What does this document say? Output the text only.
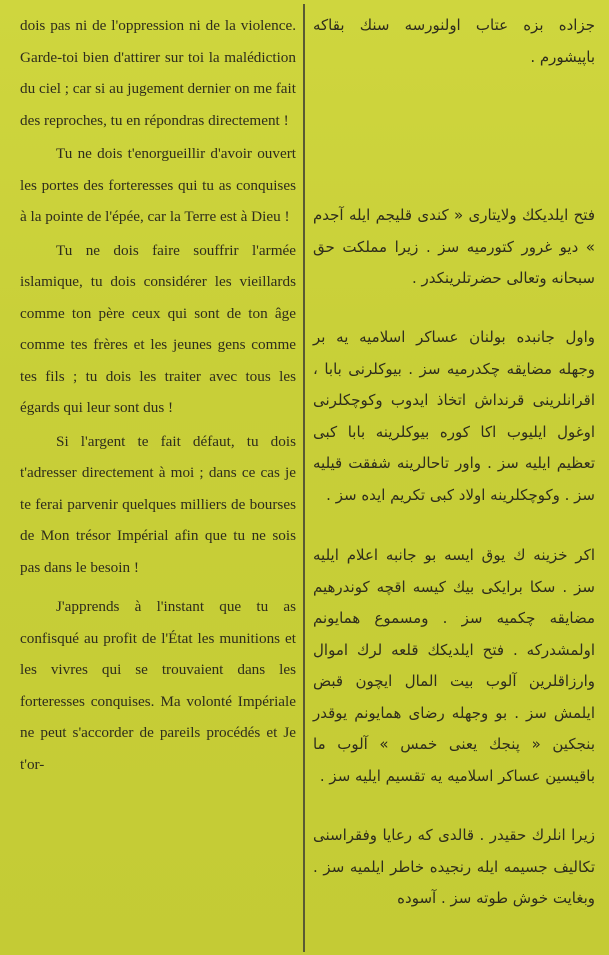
dois pas ni de l'oppression ni de la violence. Garde-toi bien d'attirer sur toi la malédiction du ciel ; car si au jugement dernier on me fait des reproches, tu en répondras directement !

Tu ne dois t'enorgueillir d'avoir ouvert les portes des forteresses qui tu as conquises à la pointe de l'épée, car la Terre est à Dieu !

Tu ne dois faire souffrir l'armée islamique, tu dois considérer les vieillards comme ton père ceux qui sont de ton âge comme tes frères et les jeunes gens comme tes fils ; tu dois les traiter avec tous les égards qui leur sont dus !

Si l'argent te fait défaut, tu dois t'adresser directement à moi ; dans ce cas je te ferai parvenir quelques milliers de bourses de Mon trésor Impérial afin que tu ne sois pas dans le besoin !

J'apprends à l'instant que tu as confisqué au profit de l'État les munitions et les vivres qui se trouvaient dans les forteresses conquises. Ma volonté Impériale ne peut s'accorder de pareils procédés et Je t'or-

جزاده بزه عتاب اولنورسه سنك بقاكه باپیشورم .
فتح ایلدیكك ولایتاری « كندی قلیجم ایله آجدم » دیو غرور كتورمیه سز . زیرا مملكت حق سبحانه وتعالی حضرتلرینكدر .
واول جانبده بولنان عساكر اسلامیه یه بر وجهله مضایقه چكدرمیه سز . بیوكلرنی بابا ، اقرانلرینی قرنداش اتخاذ ایدوب وكوچكلرنی اوغول ایلیوب اكا كوره بیوكلرینه بابا كبی تعظیم ایلیه سز . واور تاحالرینه شفقت قیلیه سز . وكوچكلرینه اولاد كبی تكریم ایده سز .
اكر خزینه ك یوق ایسه بو جانبه اعلام ایلیه سز . سكا برایكی بیك كیسه اقچه كوندرهیم مضایقه چكمیه سز . ومسموع همایونم اولمشدركه . فتح ایلدیكك قلعه لرك اموال وارزاقلرین آلوب بیت المال ایچون قبض ایلمش سز . بو وجهله رضای همایونم یوقدر بنجكین « پنجك یعنی خمس » آلوب ما باقیسین عساكر اسلامیه یه تقسیم ایلیه سز .
زیرا انلرك حقیدر . قالدی كه رعایا وفقراسنی تكالیف جسیمه ایله رنجیده خاطر ایلمیه سز . وبغایت خوش طوته سز . آسوده
